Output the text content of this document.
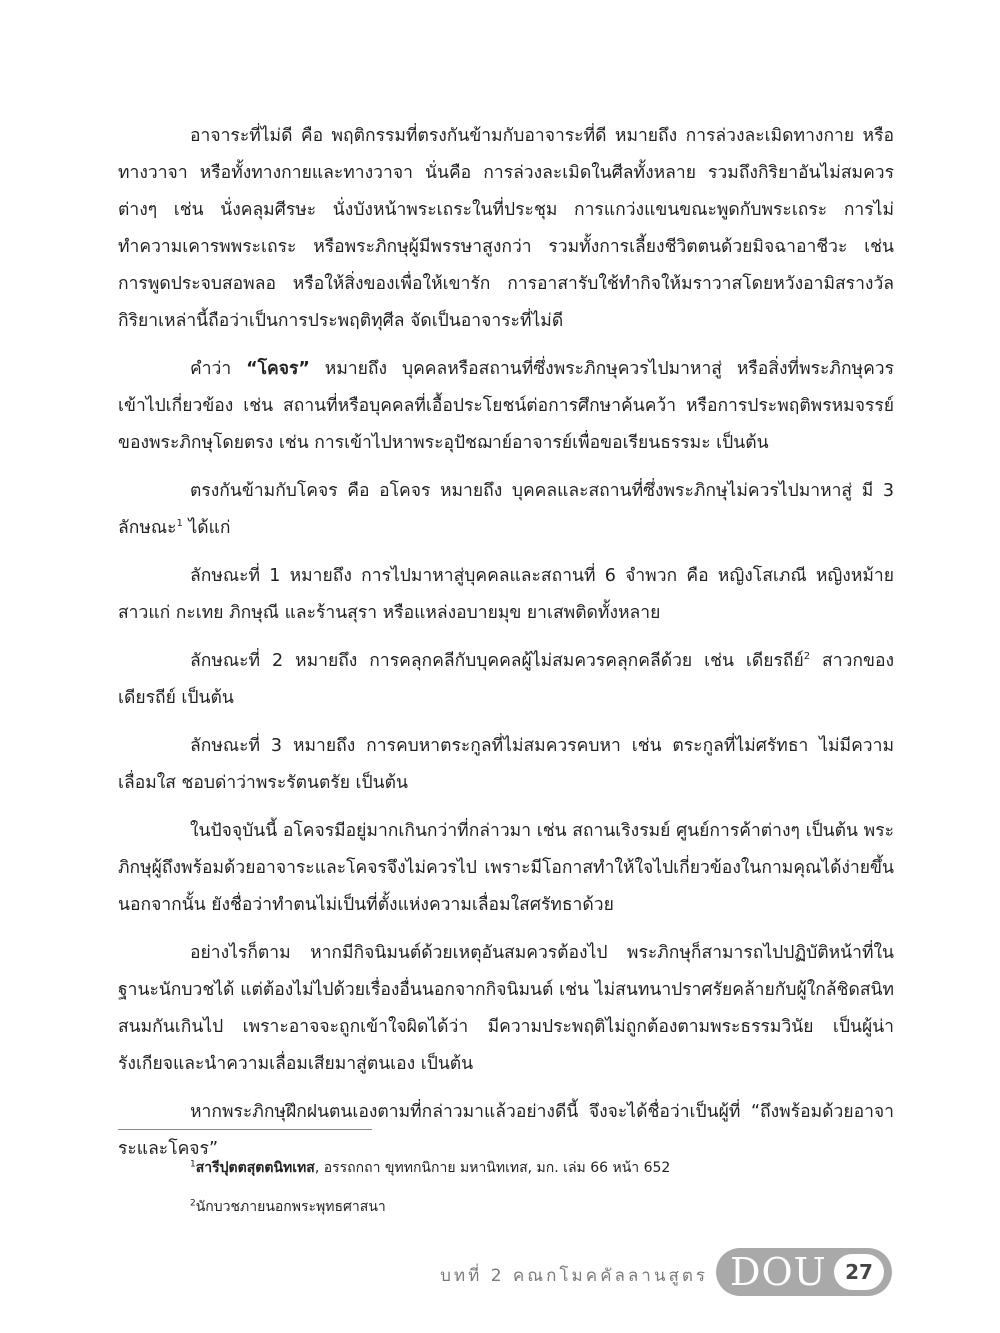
อาจาระที่ไม่ดี คือ พฤติกรรมที่ตรงกันข้ามกับอาจาระที่ดี หมายถึง การล่วงละเมิดทางกาย หรือทางวาจา หรือทั้งทางกายและทางวาจา นั่นคือ การล่วงละเมิดในศีลทั้งหลาย รวมถึงกิริยาอันไม่สมควรต่างๆ เช่น นั่งคลุมศีรษะ นั่งบังหน้าพระเถระในที่ประชุม การแกว่งแขนขณะพูดกับพระเถระ การไม่ทำความเคารพพระเถระ หรือพระภิกษุผู้มีพรรษาสูงกว่า รวมทั้งการเลี้ยงชีวิตตนด้วยมิจฉาอาชีวะ เช่น การพูดประจบสอพลอ หรือให้สิ่งของเพื่อให้เขารัก การอาสารับใช้ทำกิจให้มราวาสโดยหวังอามิสรางวัล กิริยาเหล่านี้ถือว่าเป็นการประพฤติทุศีล จัดเป็นอาจาระที่ไม่ดี

คำว่า “โคจร” หมายถึง บุคคลหรือสถานที่ซึ่งพระภิกษุควรไปมาหาสู่ หรือสิ่งที่พระภิกษุควรเข้าไปเกี่ยวข้อง เช่น สถานที่หรือบุคคลที่เอื้อประโยชน์ต่อการศึกษาค้นคว้า หรือการประพฤติพรหมจรรย์ของพระภิกษุโดยตรง เช่น การเข้าไปหาพระอุปัชฌาย์อาจารย์เพื่อขอเรียนธรรมะ เป็นต้น

ตรงกันข้ามกับโคจร คือ อโคจร หมายถึง บุคคลและสถานที่ซึ่งพระภิกษุไม่ควรไปมาหาสู่ มี 3 ลักษณะ$^1$ ได้แก่

ลักษณะที่ 1 หมายถึง การไปมาหาสู่บุคคลและสถานที่ 6 จำพวก คือ หญิงโสเภณี หญิงหม้าย สาวแก่ กะเทย ภิกษุณี และร้านสุรา หรือแหล่งอบายมุข ยาเสพติดทั้งหลาย

ลักษณะที่ 2 หมายถึง การคลุกคลีกับบุคคลผู้ไม่สมควรคลุกคลีด้วย เช่น เดียรถีย์$^2$ สาวกของเดียรถีย์ เป็นต้น

ลักษณะที่ 3 หมายถึง การคบหาตระกูลที่ไม่สมควรคบหา เช่น ตระกูลที่ไม่ศรัทธา ไม่มีความเลื่อมใส ชอบด่าว่าพระรัตนตรัย เป็นต้น

ในปัจจุบันนี้ อโคจรมีอยู่มากเกินกว่าที่กล่าวมา เช่น สถานเริงรมย์ ศูนย์การค้าต่างๆ เป็นต้น พระภิกษุผู้ถึงพร้อมด้วยอาจาระและโคจรจึงไม่ควรไป เพราะมีโอกาสทำให้ใจไปเกี่ยวข้องในกามคุณได้ง่ายขึ้น นอกจากนั้น ยังชื่อว่าทำตนไม่เป็นที่ตั้งแห่งความเลื่อมใสศรัทธาด้วย

อย่างไรก็ตาม หากมีกิจนิมนต์ด้วยเหตุอันสมควรต้องไป พระภิกษุก็สามารถไปปฏิบัติหน้าที่ในฐานะนักบวชได้ แต่ต้องไม่ไปด้วยเรื่องอื่นนอกจากกิจนิมนต์ เช่น ไม่สนทนาปราศรัยคล้ายกับผู้ใกล้ชิดสนิทสนมกันเกินไป เพราะอาจจะถูกเข้าใจผิดได้ว่า มีความประพฤติไม่ถูกต้องตามพระธรรมวินัย เป็นผู้น่ารังเกียจและนำความเลื่อมเสียมาสู่ตนเอง เป็นต้น

หากพระภิกษุฝึกฝนตนเองตามที่กล่าวมาแล้วอย่างดีนี้ จึงจะได้ชื่อว่าเป็นผู้ที่ “ถึงพร้อมด้วยอาจาระและโคจร”

$^1$สารีปุตตสุตตนิทเทส, อรรถกถา ขุททกนิกาย มหานิทเทส, มก. เล่ม 66 หน้า 652
$^2$นักบวชภายนอกพระพุทธศาสนา
บทที่ 2 คณกโมคคัลลานสูตร DOU 27
